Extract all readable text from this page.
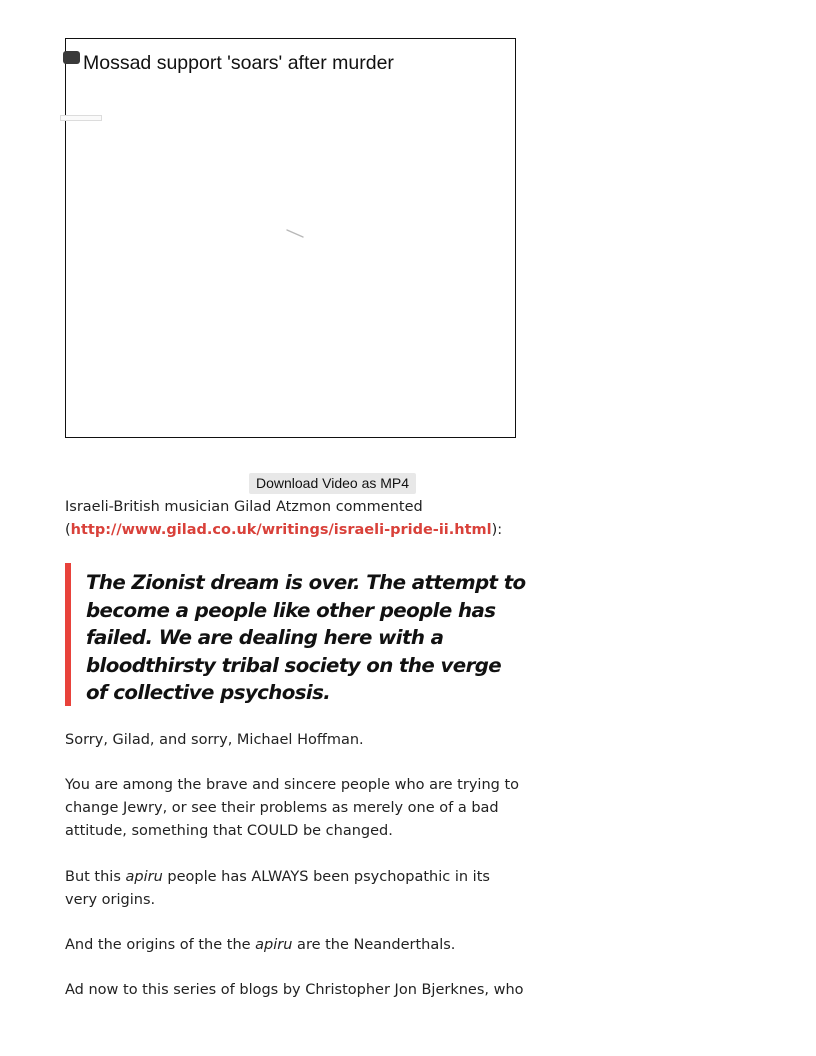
Mossad support 'soars' after murder
Download Video as MP4

Israeli-British musician Gilad Atzmon commented
(http://www.gilad.co.uk/writings/israeli-pride-ii.html):

The Zionist dream is over. The attempt to become a people like other people has failed. We are dealing here with a bloodthirsty tribal society on the verge of collective psychosis.

Sorry, Gilad, and sorry, Michael Hoffman.

You are among the brave and sincere people who are trying to change Jewry, or see their problems as merely one of a bad attitude, something that COULD be changed.

But this apiru people has ALWAYS been psychopathic in its very origins.

And the origins of the the apiru are the Neanderthals.

Ad now to this series of blogs by Christopher Jon Bjerknes, who
